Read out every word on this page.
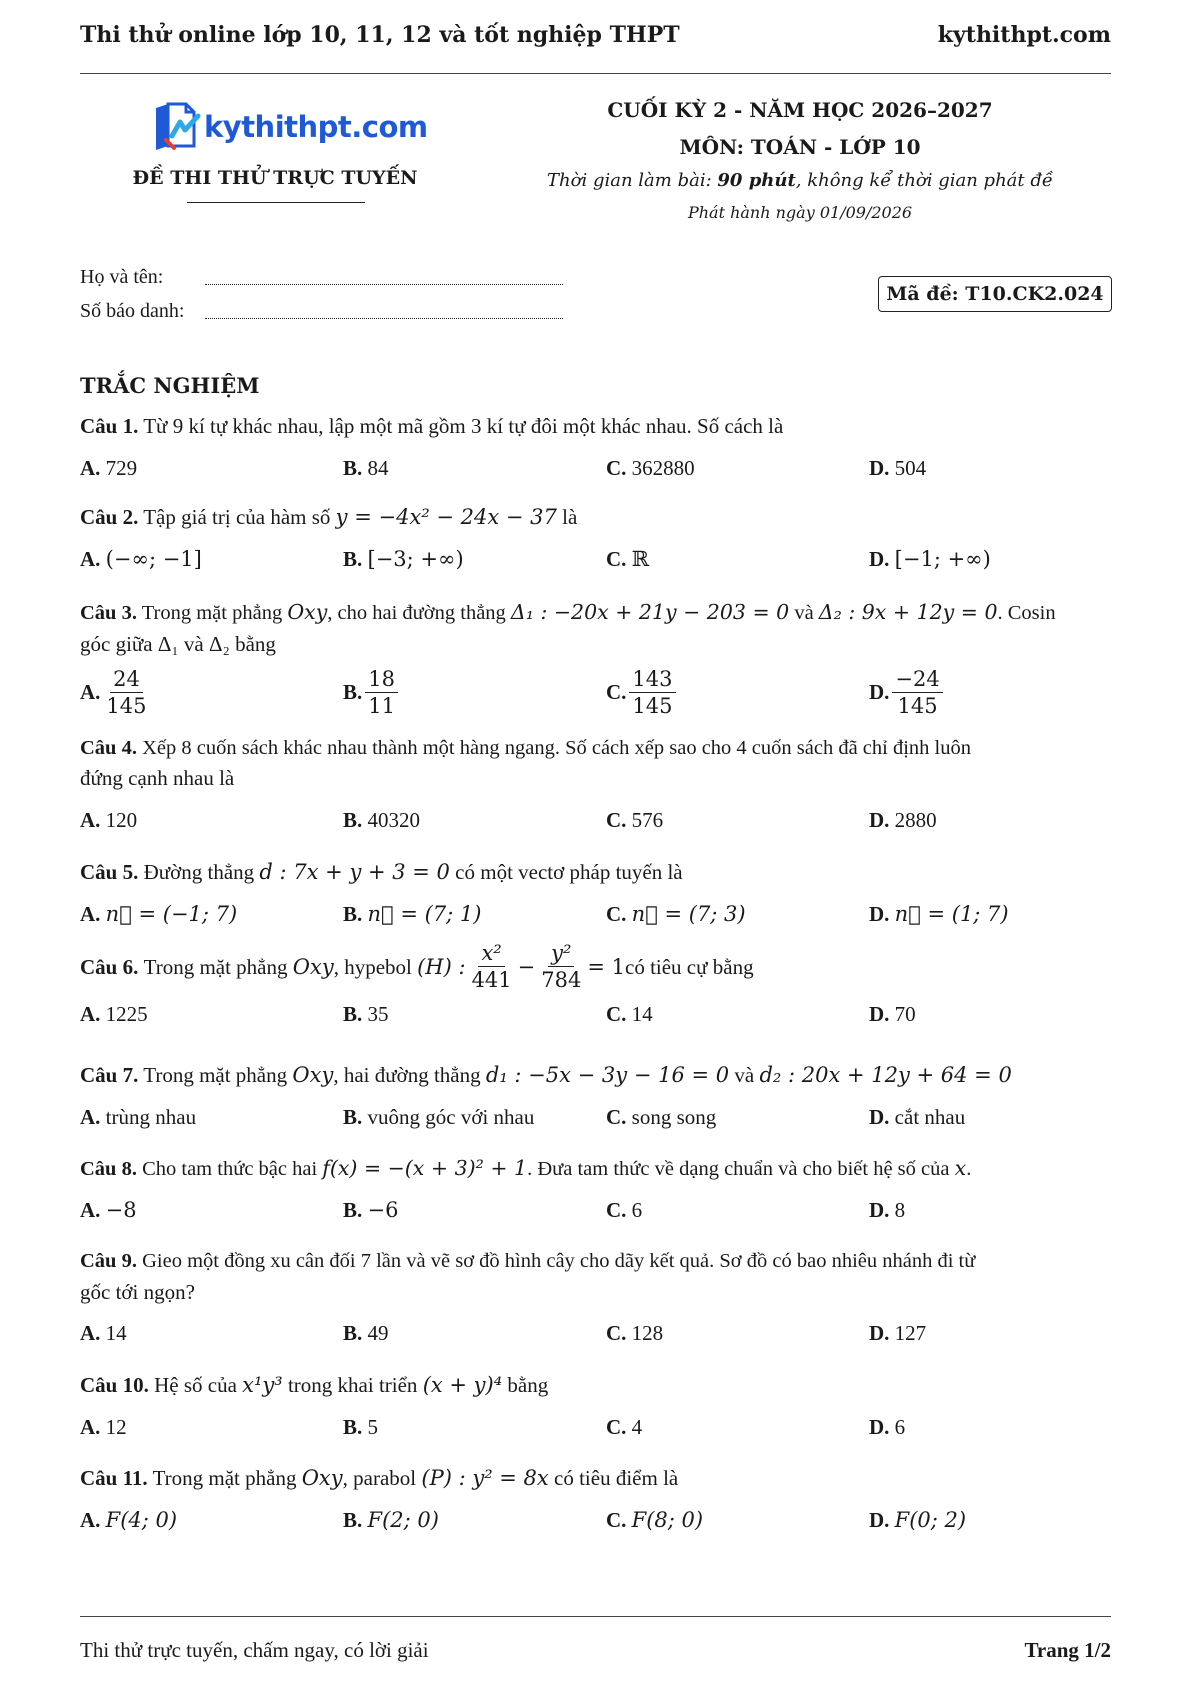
Thi thử online lớp 10, 11, 12 và tốt nghiệp THPT	kythithpt.com
kythithpt.com
ĐỀ THI THỬ TRỰC TUYẾN
CUỐI KỲ 2 - NĂM HỌC 2026–2027
MÔN: TOÁN - LỚP 10
Thời gian làm bài: 90 phút, không kể thời gian phát đề
Phát hành ngày 01/09/2026
Họ và tên:
Số báo danh:
Mã đề: T10.CK2.024
TRẮC NGHIỆM
Câu 1. Từ 9 kí tự khác nhau, lập một mã gồm 3 kí tự đôi một khác nhau. Số cách là
A. 729	B. 84	C. 362880	D. 504
Câu 2. Tập giá trị của hàm số y = −4x² − 24x − 37 là
A. (−∞; −1]	B. [−3; +∞)	C. ℝ	D. [−1; +∞)
Câu 3. Trong mặt phẳng Oxy, cho hai đường thẳng Δ₁ : −20x + 21y − 203 = 0 và Δ₂ : 9x + 12y = 0. Cosin
góc giữa Δ₁ và Δ₂ bằng
A. $\frac{24}{145}$	B. $\frac{18}{11}$	C. $\frac{143}{145}$	D. $\frac{-24}{145}$
Câu 4. Xếp 8 cuốn sách khác nhau thành một hàng ngang. Số cách xếp sao cho 4 cuốn sách đã chỉ định luôn
đứng cạnh nhau là
A. 120	B. 40320	C. 576	D. 2880
Câu 5. Đường thẳng d : 7x + y + 3 = 0 có một vectơ pháp tuyến là
A. n⃗ = (−1; 7)	B. n⃗ = (7; 1)	C. n⃗ = (7; 3)	D. n⃗ = (1; 7)
Câu 6.
Trong mặt phẳng
Oxy , hypebol
(H) : $\frac{\text{x²}}{441} - \frac{\text{y²}}{784} = 1$ có tiêu cự bằng
A. 1225	B. 35	C. 14	D. 70
Câu 7. Trong mặt phẳng Oxy, hai đường thẳng d₁ : −5x − 3y − 16 = 0 và d₂ : 20x + 12y + 64 = 0
A. trùng nhau	B. vuông góc với nhau	C. song song	D. cắt nhau
Câu 8. Cho tam thức bậc hai f(x) = −(x + 3)² + 1. Đưa tam thức về dạng chuẩn và cho biết hệ số của x.
A. −8	B. −6	C. 6	D. 8
Câu 9. Gieo một đồng xu cân đối 7 lần và vẽ sơ đồ hình cây cho dãy kết quả. Sơ đồ có bao nhiêu nhánh đi từ
gốc tới ngọn?
A. 14	B. 49	C. 128	D. 127
Câu 10. Hệ số của x¹y³ trong khai triển (x + y)⁴ bằng
A. 12	B. 5	C. 4	D. 6
Câu 11. Trong mặt phẳng Oxy, parabol (P) : y² = 8x có tiêu điểm là
A. F(4; 0)	B. F(2; 0)	C. F(8; 0)	D. F(0; 2)
Thi thử trực tuyến, chấm ngay, có lời giải	Trang 1/2
